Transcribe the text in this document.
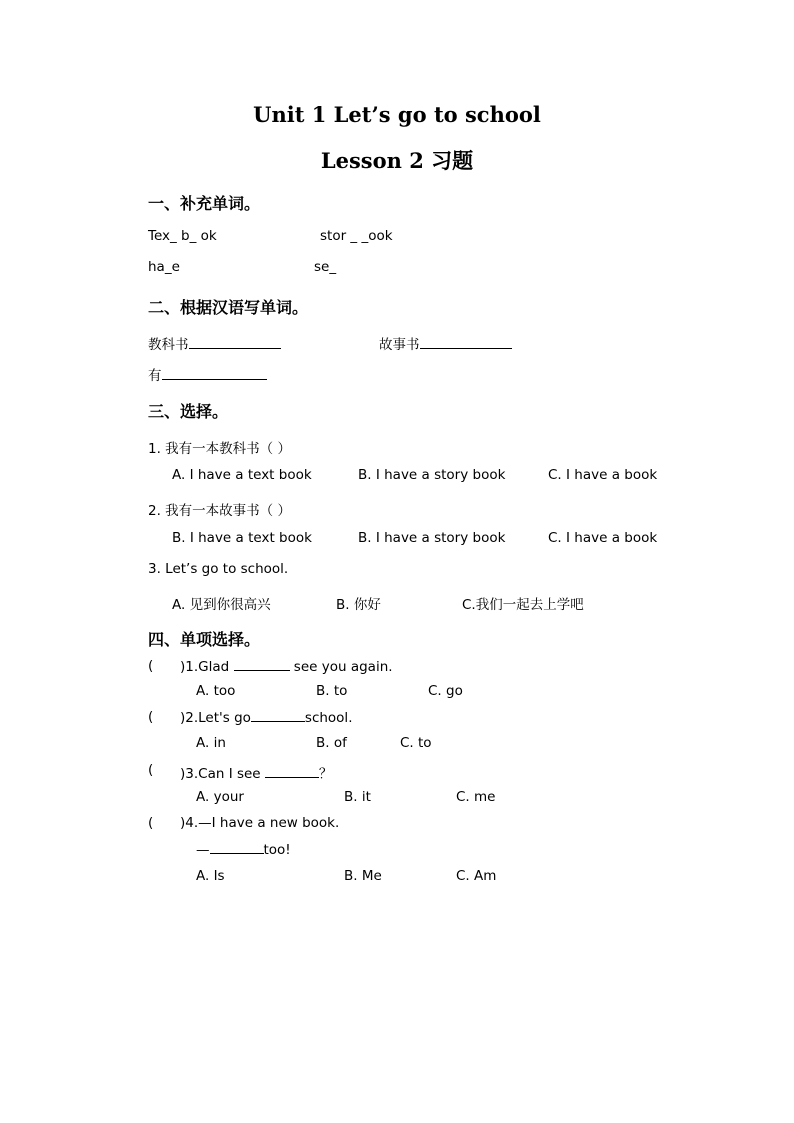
Unit 1 Let’s go to school
Lesson 2 习题
一、补充单词。
Tex_ b_ ok	stor _ _ook
ha_e	se_
二、根据汉语写单词。
教科书	故事书
有
三、选择。
1. 我有一本教科书（ ）
A. I have a text book	B. I have a story book	C. I have a book
2. 我有一本故事书（ ）
B. I have a text book	B. I have a story book	C. I have a book
3. Let’s go to school.
A. 见到你很高兴	B. 你好	C.我们一起去上学吧
四、单项选择。
( )1.Glad	see you again.
A. too	B. to	C. go
( )2.Let's go	school.
A. in	B. of	C. to
( )3.Can I see	？
A. your	B. it	C. me
( )4.—I have a new book.
—	too!
A. Is	B. Me	C. Am
